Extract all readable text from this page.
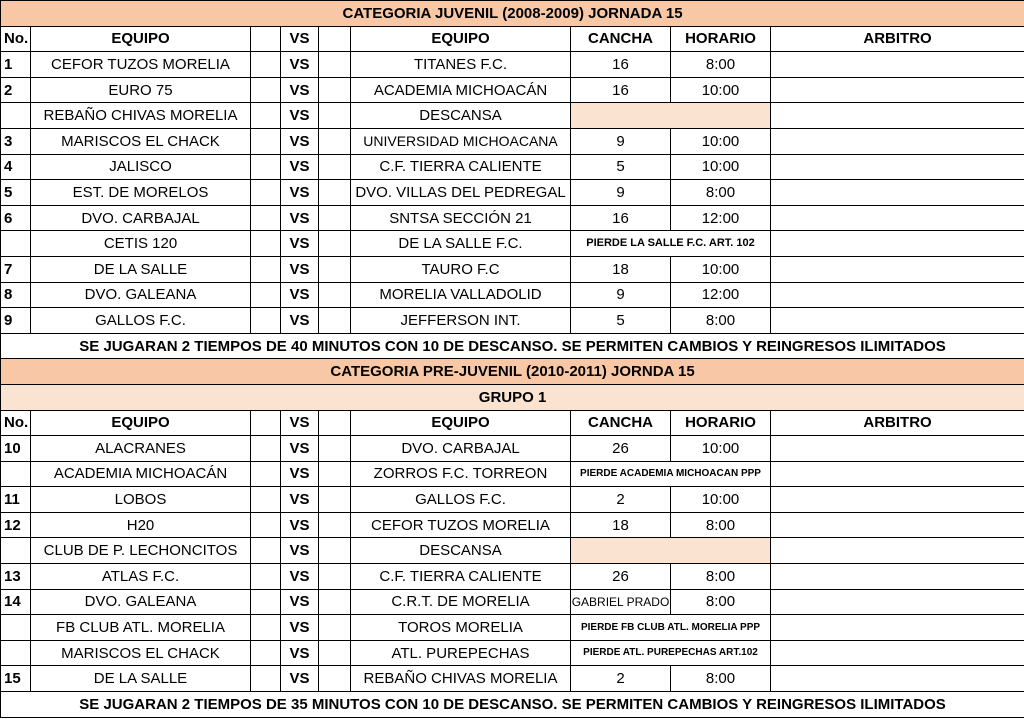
CATEGORIA JUVENIL (2008-2009) JORNADA 15								
No.	EQUIPO		VS		EQUIPO	CANCHA	HORARIO	ARBITRO
1	CEFOR TUZOS MORELIA		VS		TITANES F.C.	16	8:00	
2	EURO 75		VS		ACADEMIA MICHOACÁN	16	10:00	
	REBAÑO CHIVAS MORELIA		VS		DESCANSA			
3	MARISCOS EL CHACK		VS		UNIVERSIDAD MICHOACANA	9	10:00	
4	JALISCO		VS		C.F. TIERRA CALIENTE	5	10:00	
5	EST. DE MORELOS		VS		DVO. VILLAS DEL PEDREGAL	9	8:00	
6	DVO. CARBAJAL		VS		SNTSA SECCIÓN 21	16	12:00	
	CETIS 120		VS		DE LA SALLE F.C.	PIERDE LA SALLE F.C. ART. 102		
7	DE LA SALLE		VS		TAURO F.C	18	10:00	
8	DVO. GALEANA		VS		MORELIA VALLADOLID	9	12:00	
9	GALLOS F.C.		VS		JEFFERSON INT.	5	8:00	
SE JUGARAN 2 TIEMPOS DE 40 MINUTOS CON 10 DE DESCANSO. SE PERMITEN CAMBIOS Y REINGRESOS ILIMITADOS								
CATEGORIA PRE-JUVENIL (2010-2011) JORNDA 15								
GRUPO 1								
No.	EQUIPO		VS		EQUIPO	CANCHA	HORARIO	ARBITRO
10	ALACRANES		VS		DVO. CARBAJAL	26	10:00	
	ACADEMIA MICHOACÁN		VS		ZORROS F.C. TORREON	PIERDE ACADEMIA MICHOACAN PPP		
11	LOBOS		VS		GALLOS F.C.	2	10:00	
12	H20		VS		CEFOR TUZOS MORELIA	18	8:00	
	CLUB DE P. LECHONCITOS		VS		DESCANSA			
13	ATLAS F.C.		VS		C.F. TIERRA CALIENTE	26	8:00	
14	DVO. GALEANA		VS		C.R.T. DE MORELIA	GABRIEL PRADO	8:00	
	FB CLUB ATL. MORELIA		VS		TOROS MORELIA	PIERDE FB CLUB ATL. MORELIA PPP		
	MARISCOS EL CHACK		VS		ATL. PUREPECHAS	PIERDE ATL. PUREPECHAS ART.102		
15	DE LA SALLE		VS		REBAÑO CHIVAS MORELIA	2	8:00	
SE JUGARAN 2 TIEMPOS DE 35 MINUTOS CON 10 DE DESCANSO. SE PERMITEN CAMBIOS Y REINGRESOS ILIMITADOS								
